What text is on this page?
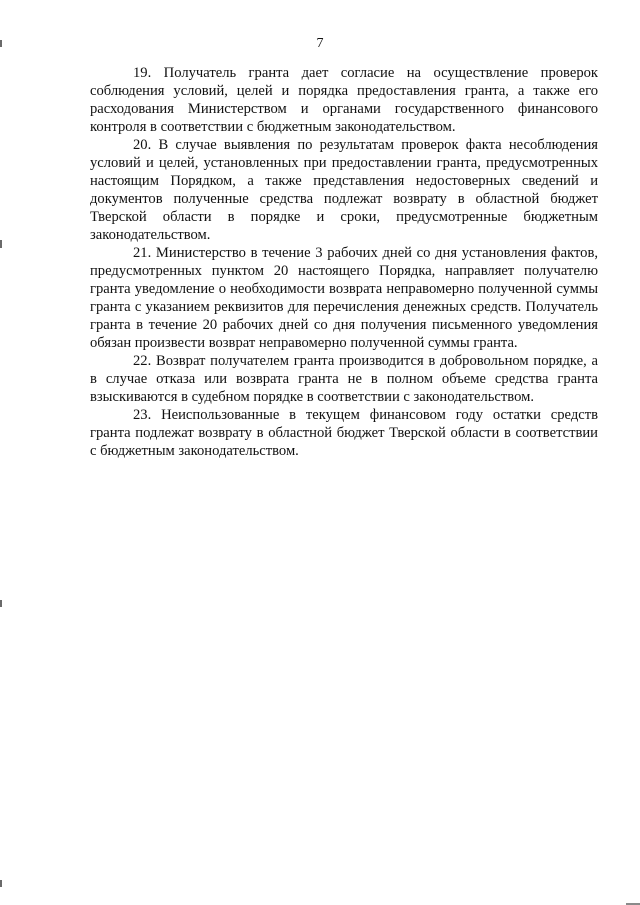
7

19. Получатель гранта дает согласие на осуществление проверок соблюдения условий, целей и порядка предоставления гранта, а также его расходования Министерством и органами государственного финансового контроля в соответствии с бюджетным законодательством.

20. В случае выявления по результатам проверок факта несоблюдения условий и целей, установленных при предоставлении гранта, предусмотренных настоящим Порядком, а также представления недостоверных сведений и документов полученные средства подлежат возврату в областной бюджет Тверской области в порядке и сроки, предусмотренные бюджетным законодательством.

21. Министерство в течение 3 рабочих дней со дня установления фактов, предусмотренных пунктом 20 настоящего Порядка, направляет получателю гранта уведомление о необходимости возврата неправомерно полученной суммы гранта с указанием реквизитов для перечисления денежных средств. Получатель гранта в течение 20 рабочих дней со дня получения письменного уведомления обязан произвести возврат неправомерно полученной суммы гранта.

22. Возврат получателем гранта производится в добровольном порядке, а в случае отказа или возврата гранта не в полном объеме средства гранта взыскиваются в судебном порядке в соответствии с законодательством.

23. Неиспользованные в текущем финансовом году остатки средств гранта подлежат возврату в областной бюджет Тверской области в соответствии с бюджетным законодательством.
